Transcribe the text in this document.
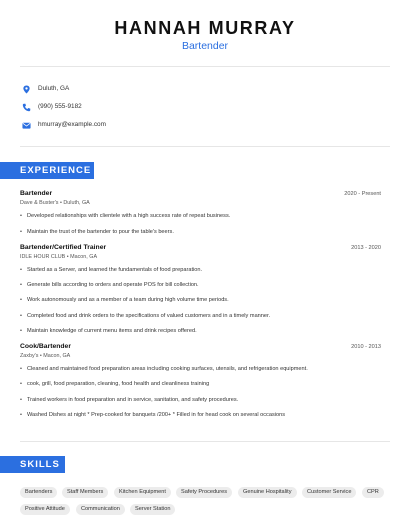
HANNAH MURRAY
Bartender
Duluth, GA
(990) 555-9182
hmurray@example.com
EXPERIENCE
Bartender	2020 - Present
Dave & Buster's • Duluth, GA
• Developed relationships with clientele with a high success rate of repeat business.
• Maintain the trust of the bartender to pour the table's beers.
Bartender/Certified Trainer	2013 - 2020
IDLE HOUR CLUB • Macon, GA
• Started as a Server, and learned the fundamentals of food preparation.
• Generate bills according to orders and operate POS for bill collection.
• Work autonomously and as a member of a team during high volume time periods.
• Completed food and drink orders to the specifications of valued customers and in a timely manner.
• Maintain knowledge of current menu items and drink recipes offered.
Cook/Bartender	2010 - 2013
Zaxby's • Macon, GA
• Cleaned and maintained food preparation areas including cooking surfaces, utensils, and refrigeration equipment.
• cook, grill, food preparation, cleaning, food health and cleanliness training
• Trained workers in food preparation and in service, sanitation, and safety procedures.
• Washed Dishes at night * Prep-cooked for banquets /200+ * Filled in for head cook on several occasions
SKILLS
Bartenders	Staff Members	Kitchen Equipment	Safety Procedures	Genuine Hospitality	Customer Service	CPR
Positive Attitude	Communication	Server Station
